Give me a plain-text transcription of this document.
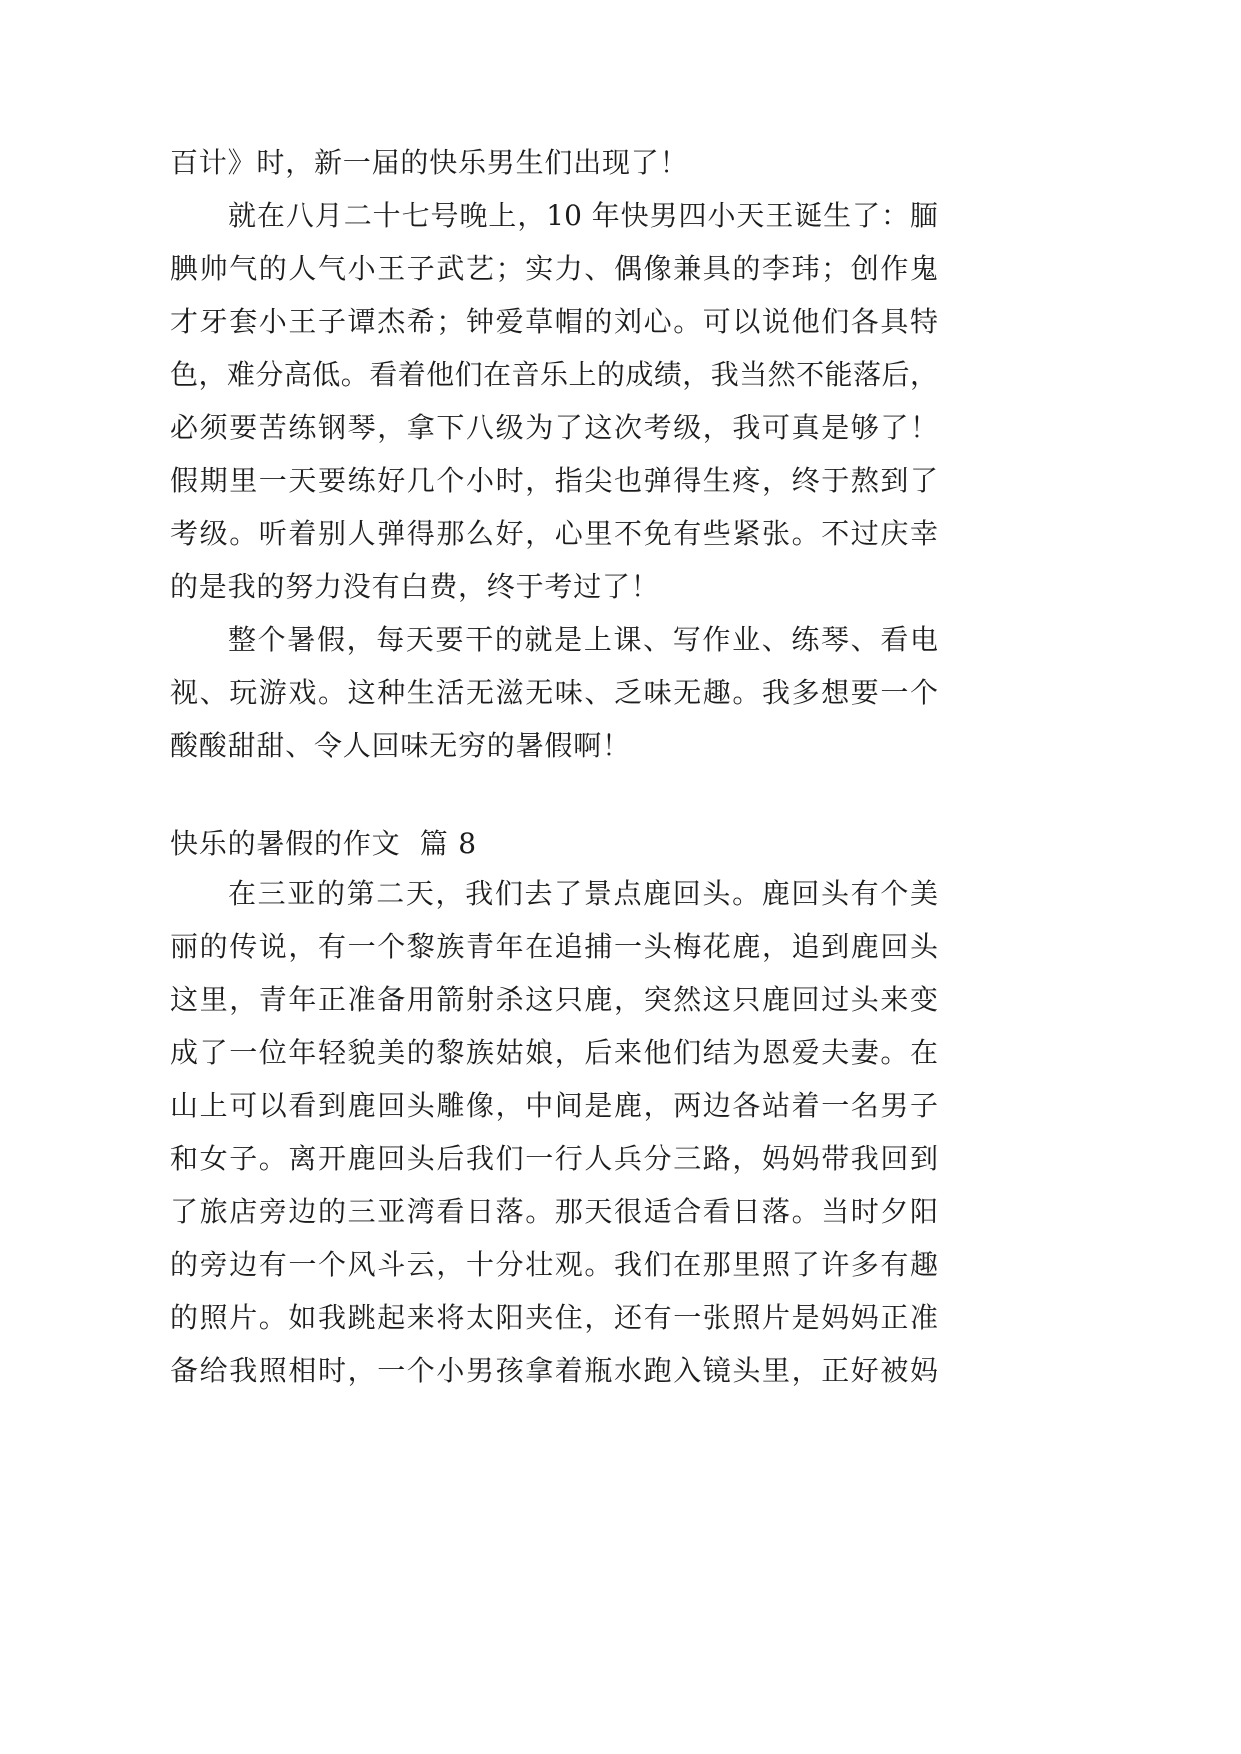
百计》时，新一届的快乐男生们出现了！
就在八月二十七号晚上，10 年快男四小天王诞生了：腼
腆帅气的人气小王子武艺；实力、偶像兼具的李玮；创作鬼
才牙套小王子谭杰希；钟爱草帽的刘心。可以说他们各具特
色，难分高低。看着他们在音乐上的成绩，我当然不能落后，
必须要苦练钢琴，拿下八级为了这次考级，我可真是够了！
假期里一天要练好几个小时，指尖也弹得生疼，终于熬到了
考级。听着别人弹得那么好，心里不免有些紧张。不过庆幸
的是我的努力没有白费，终于考过了！
整个暑假，每天要干的就是上课、写作业、练琴、看电
视、玩游戏。这种生活无滋无味、乏味无趣。我多想要一个
酸酸甜甜、令人回味无穷的暑假啊！
快乐的暑假的作文  篇 8
在三亚的第二天，我们去了景点鹿回头。鹿回头有个美
丽的传说，有一个黎族青年在追捕一头梅花鹿，追到鹿回头
这里，青年正准备用箭射杀这只鹿，突然这只鹿回过头来变
成了一位年轻貌美的黎族姑娘，后来他们结为恩爱夫妻。在
山上可以看到鹿回头雕像，中间是鹿，两边各站着一名男子
和女子。离开鹿回头后我们一行人兵分三路，妈妈带我回到
了旅店旁边的三亚湾看日落。那天很适合看日落。当时夕阳
的旁边有一个风斗云，十分壮观。我们在那里照了许多有趣
的照片。如我跳起来将太阳夹住，还有一张照片是妈妈正准
备给我照相时，一个小男孩拿着瓶水跑入镜头里，正好被妈
